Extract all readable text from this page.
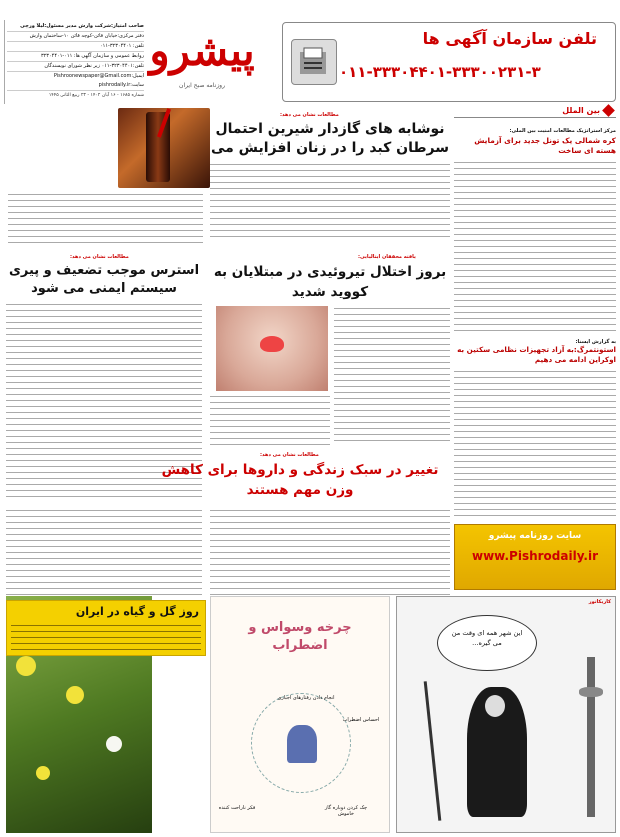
صاحب امتیاز:شرکت وارش مدیر مسئول:لیلا ورچی
دفتر مرکزی:خیابان قائن-کوچه قائن ۱۰-ساختمان وارش
تلفن: ۳۲۳۰۴۴۰۱-۰۱۱
روابط عمومی و سازمان آگهی ها: ۰۱۱-۳۲۳۰۴۴۰۱
تلفن:۳۲۳۰۴۴۰۱-۰۱۱ زیر نظر شورای نویسندگان
ایمیل:Pishroonewspaper@Gmail.com سایت:pishrodaily.ir
شماره ۱۶۸۵ - ۱۶ آبان ۱۴۰۲ - ۲۳ ربیع الثانی ۱۴۴۵
پیشرو
روزنامه صبح ایران
تلفن سازمان آگهی ها
۰۱۱-۳۳۳۰۴۴۰۱-۳۳۳۰۰۲۳۱-۳
بین الملل
مرکز استراتژیک مطالعات امنیت بین الملی:
کره شمالی یک تونل جدید برای آزمایش هسته ای ساخت
به گزارش ایسنا:
استونتمرگ:به آزاد تجهیزات نظامی سکتین به اوکراین ادامه می دهیم
مطالعات نشان می دهد:
نوشابه های گازدار شیرین احتمال سرطان کبد را در زنان افزایش می
مطالعات نشان می دهد:
استرس موجب تضعیف و پیری سیستم ایمنی می شود
یافته محققان ایتالیایی:
بروز اختلال تیروئیدی در مبتلایان به کووید شدید
مطالعات نشان می دهد:
تغییر در سبک زندگی و داروها برای کاهش وزن مهم هستند
سایت روزنامه پیشرو
www.Pishrodaily.ir
روز گل و گیاه در ایران
چرخه وسواس و اضطراب
احساس اضطراب
انجام دادن رفتارهای اجباری
چک کردن دوباره گاز خاموش
فکر ناراحت کننده
کاریکاتور
این شهر همه ای وقت من می گیره...
